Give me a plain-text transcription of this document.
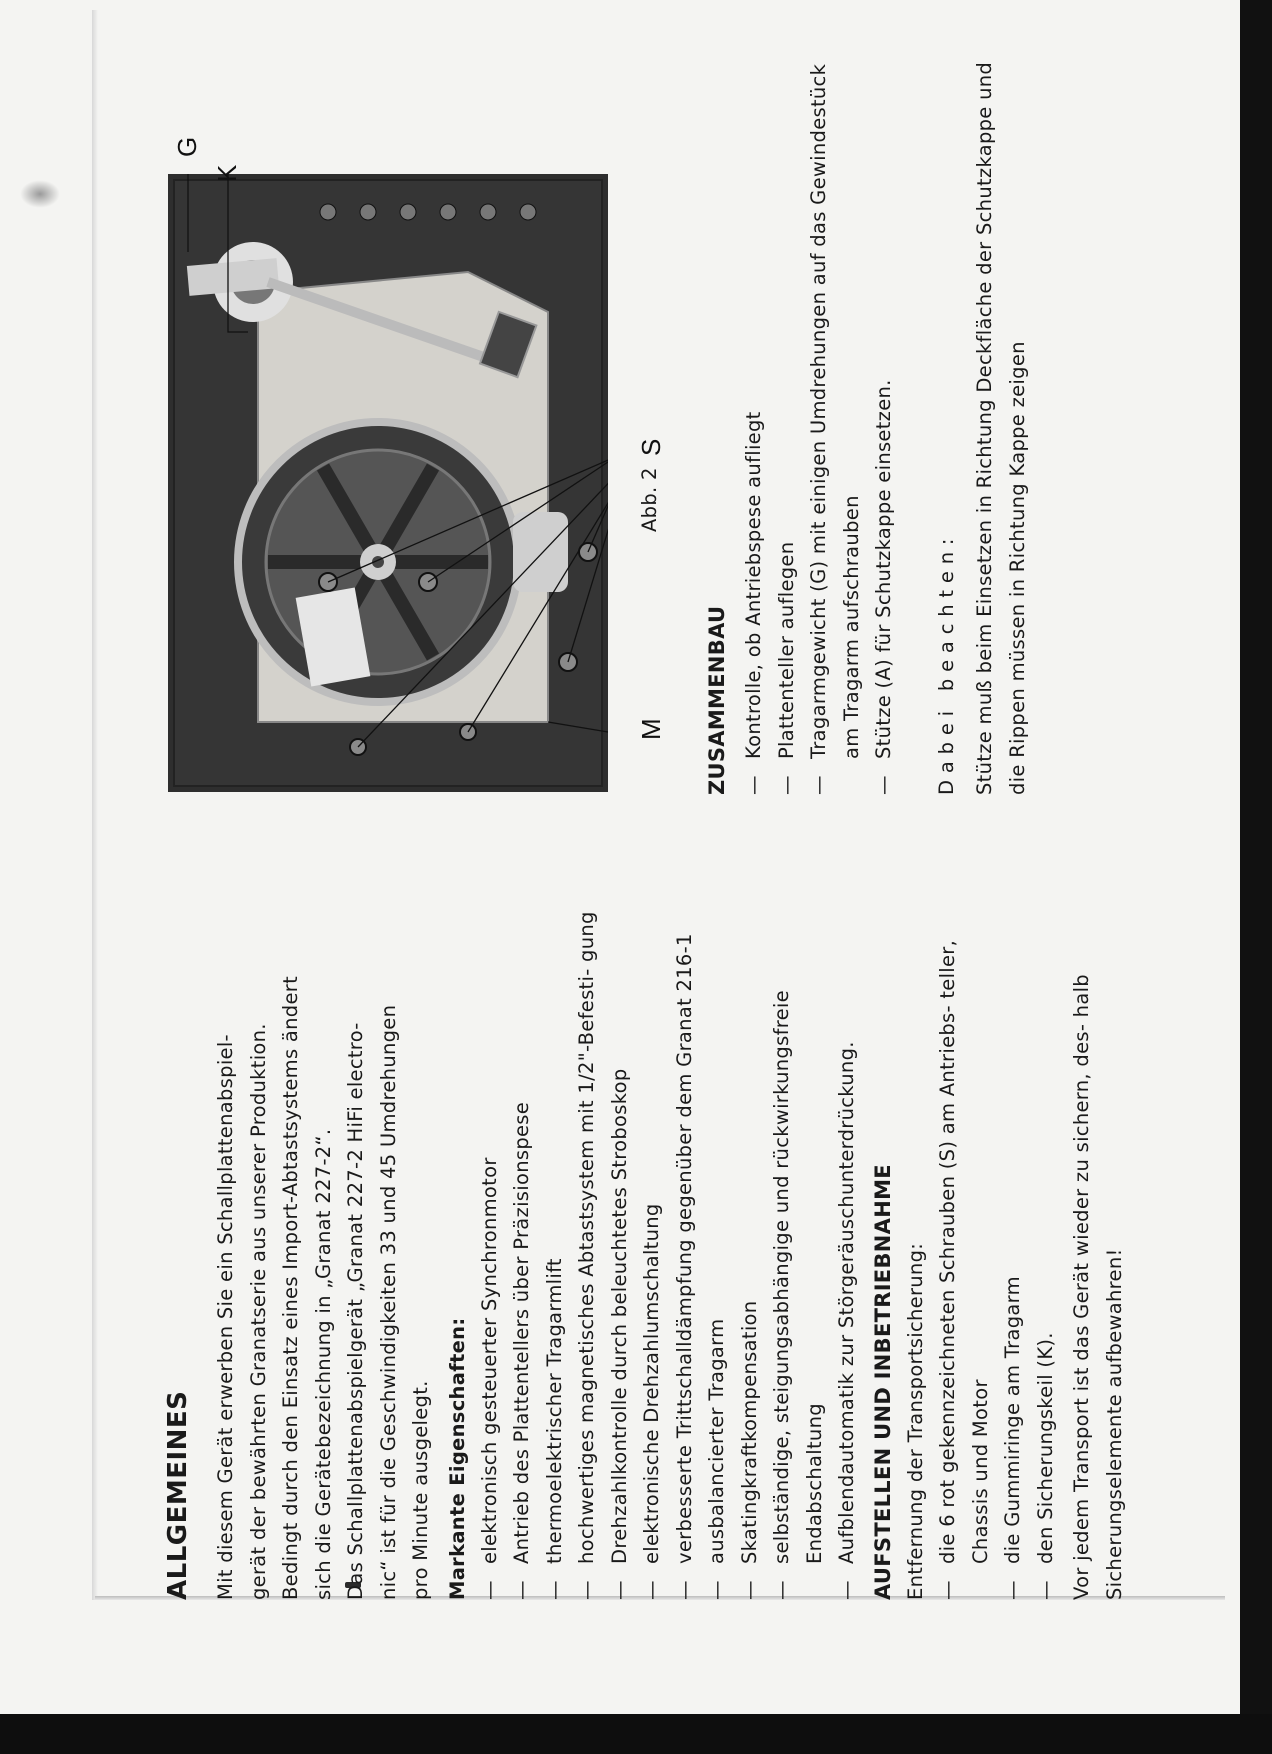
ALLGEMEINES Mit diesem Gerät erwerben Sie ein Schallplattenabspiel- gerät der bewährten Granatserie aus unserer Produktion. Bedingt durch den Einsatz eines Import-Abtastsystems ändert sich die Gerätebezeichnung in „Granat 227-2“. Das Schallplattenabspielgerät „Granat 227-2 HiFi electro- nic“ ist für die Geschwindigkeiten 33 und 45 Umdrehungen pro Minute ausgelegt. Markante Eigenschaften: — elektronisch gesteuerter Synchronmotor — Antrieb des Plattentellers über Präzisionspese — thermoelektrischer Tragarmlift — hochwertiges magnetisches Abtastsystem mit 1/2"-Befesti- gung — Drehzahlkontrolle durch beleuchtetes Stroboskop — elektronische Drehzahlumschaltung — verbesserte Trittschalldämpfung gegenüber dem Granat 216-1 — ausbalancierter Tragarm — Skatingkraftkompensation — selbständige, steigungsabhängige und rückwirkungsfreie Endabschaltung — Aufblendautomatik zur Störgeräuschunterdrückung. AUFSTELLEN UND INBETRIEBNAHME Entfernung der Transportsicherung: — die 6 rot gekennzeichneten Schrauben (S) am Antriebs- teller, Chassis und Motor — die Gummiringe am Tragarm — den Sicherungskeil (K). Vor jedem Transport ist das Gerät wieder zu sichern, des- halb Sicherungselemente aufbewahren!

G
K
S
M
Abb. 2
ZUSAMMENBAU — Kontrolle, ob Antriebspese aufliegt — Plattenteller auflegen — Tragarmgewicht (G) mit einigen Umdrehungen auf das Gewindestück am Tragarm aufschrauben — Stütze (A) für Schutzkappe einsetzen. Dabei beachten: Stütze muß beim Einsetzen in Richtung Deckfläche der Schutzkappe und die Rippen müssen in Richtung Kappe zeigen
